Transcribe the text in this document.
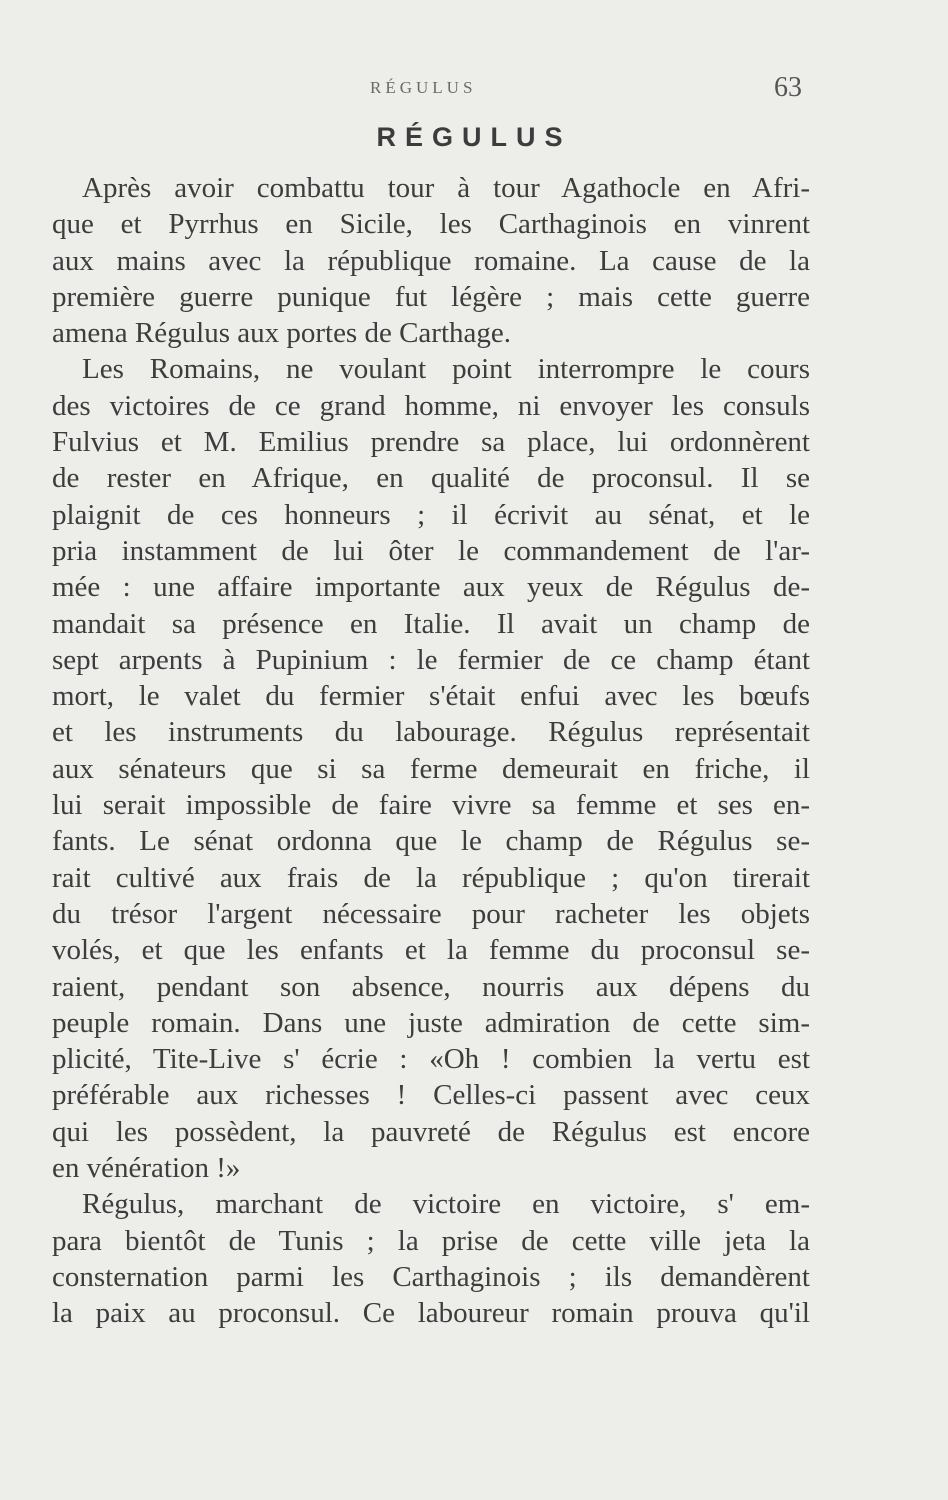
RÉGULUS	63
RÉGULUS
Après avoir combattu tour à tour Agathocle en Afri-
que et Pyrrhus en Sicile, les Carthaginois en vinrent
aux mains avec la république romaine. La cause de la
première guerre punique fut légère ; mais cette guerre
amena Régulus aux portes de Carthage.
Les Romains, ne voulant point interrompre le cours
des victoires de ce grand homme, ni envoyer les consuls
Fulvius et M. Emilius prendre sa place, lui ordonnèrent
de rester en Afrique, en qualité de proconsul. Il se
plaignit de ces honneurs ; il écrivit au sénat, et le
pria instamment de lui ôter le commandement de l'ar-
mée : une affaire importante aux yeux de Régulus de-
mandait sa présence en Italie. Il avait un champ de
sept arpents à Pupinium : le fermier de ce champ étant
mort, le valet du fermier s'était enfui avec les bœufs
et les instruments du labourage. Régulus représentait
aux sénateurs que si sa ferme demeurait en friche, il
lui serait impossible de faire vivre sa femme et ses en-
fants. Le sénat ordonna que le champ de Régulus se-
rait cultivé aux frais de la république ; qu'on tirerait
du trésor l'argent nécessaire pour racheter les objets
volés, et que les enfants et la femme du proconsul se-
raient, pendant son absence, nourris aux dépens du
peuple romain. Dans une juste admiration de cette sim-
plicité, Tite-Live s' écrie : «Oh ! combien la vertu est
préférable aux richesses ! Celles-ci passent avec ceux
qui les possèdent, la pauvreté de Régulus est encore
en vénération !»
Régulus, marchant de victoire en victoire, s' em-
para bientôt de Tunis ; la prise de cette ville jeta la
consternation parmi les Carthaginois ; ils demandèrent
la paix au proconsul. Ce laboureur romain prouva qu'il
